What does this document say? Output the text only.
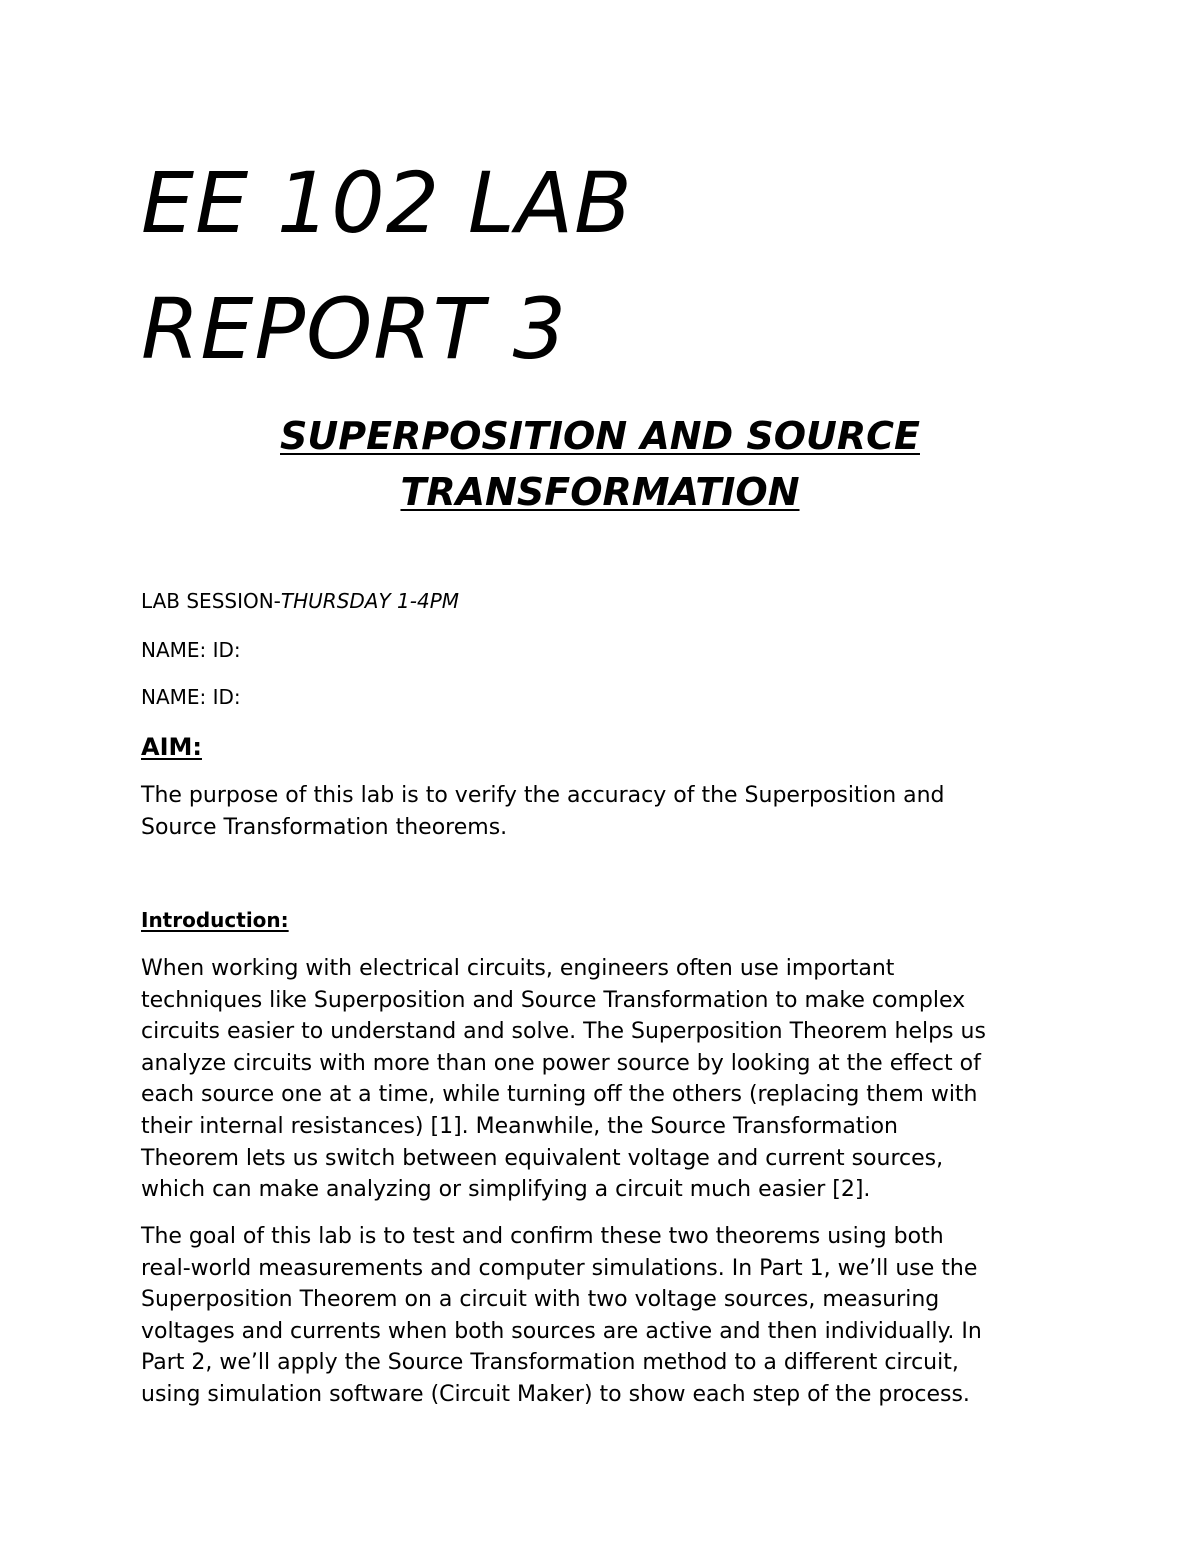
EE 102 LAB
REPORT 3
SUPERPOSITION AND SOURCE
TRANSFORMATION

LAB SESSION-THURSDAY 1-4PM

NAME: ID:

NAME: ID:

AIM:

The purpose of this lab is to verify the accuracy of the Superposition and
Source Transformation theorems.

Introduction:

When working with electrical circuits, engineers often use important
techniques like Superposition and Source Transformation to make complex
circuits easier to understand and solve. The Superposition Theorem helps us
analyze circuits with more than one power source by looking at the effect of
each source one at a time, while turning off the others (replacing them with
their internal resistances) [1]. Meanwhile, the Source Transformation
Theorem lets us switch between equivalent voltage and current sources,
which can make analyzing or simplifying a circuit much easier [2].

The goal of this lab is to test and confirm these two theorems using both
real-world measurements and computer simulations. In Part 1, we’ll use the
Superposition Theorem on a circuit with two voltage sources, measuring
voltages and currents when both sources are active and then individually. In
Part 2, we’ll apply the Source Transformation method to a different circuit,
using simulation software (Circuit Maker) to show each step of the process.
